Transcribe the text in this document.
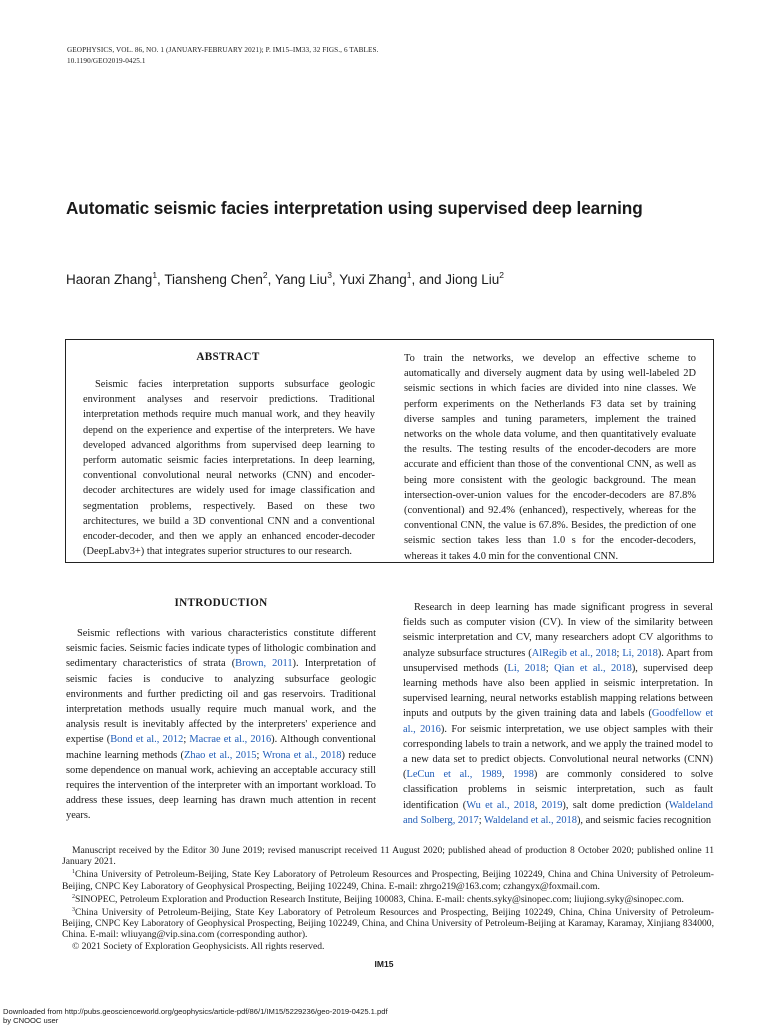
GEOPHYSICS, VOL. 86, NO. 1 (JANUARY-FEBRUARY 2021); P. IM15–IM33, 32 FIGS., 6 TABLES.
10.1190/GEO2019-0425.1
Automatic seismic facies interpretation using supervised deep learning
Haoran Zhang$^1$, Tiansheng Chen$^2$, Yang Liu$^3$, Yuxi Zhang$^1$, and Jiong Liu$^2$
ABSTRACT
Seismic facies interpretation supports subsurface geologic environment analyses and reservoir predictions. Traditional interpretation methods require much manual work, and they heavily depend on the experience and expertise of the interpreters. We have developed advanced algorithms from supervised deep learning to perform automatic seismic facies interpretations. In deep learning, conventional convolutional neural networks (CNN) and encoder-decoder architectures are widely used for image classification and segmentation problems, respectively. Based on these two architectures, we build a 3D conventional CNN and a conventional encoder-decoder, and then we apply an enhanced encoder-decoder (DeepLabv3+) that integrates superior structures to our research.
To train the networks, we develop an effective scheme to automatically and diversely augment data by using well-labeled 2D seismic sections in which facies are divided into nine classes. We perform experiments on the Netherlands F3 data set by training diverse samples and tuning parameters, implement the trained networks on the whole data volume, and then quantitatively evaluate the results. The testing results of the encoder-decoders are more accurate and efficient than those of the conventional CNN, as well as being more consistent with the geologic background. The mean intersection-over-union values for the encoder-decoders are 87.8% (conventional) and 92.4% (enhanced), respectively, whereas for the conventional CNN, the value is 67.8%. Besides, the prediction of one seismic section takes less than 1.0 s for the encoder-decoders, whereas it takes 4.0 min for the conventional CNN.
INTRODUCTION
Seismic reflections with various characteristics constitute different seismic facies. Seismic facies indicate types of lithologic combination and sedimentary characteristics of strata (Brown, 2011). Interpretation of seismic facies is conducive to analyzing subsurface geologic environments and further predicting oil and gas reservoirs. Traditional interpretation methods usually require much manual work, and the analysis result is inevitably affected by the interpreters' experience and expertise (Bond et al., 2012; Macrae et al., 2016). Although conventional machine learning methods (Zhao et al., 2015; Wrona et al., 2018) reduce some dependence on manual work, achieving an acceptable accuracy still requires the intervention of the interpreter with an important workload. To address these issues, deep learning has drawn much attention in recent years.
Research in deep learning has made significant progress in several fields such as computer vision (CV). In view of the similarity between seismic interpretation and CV, many researchers adopt CV algorithms to analyze subsurface structures (AlRegib et al., 2018; Li, 2018). Apart from unsupervised methods (Li, 2018; Qian et al., 2018), supervised deep learning methods have also been applied in seismic interpretation. In supervised learning, neural networks establish mapping relations between inputs and outputs by the given training data and labels (Goodfellow et al., 2016). For seismic interpretation, we use object samples with their corresponding labels to train a network, and we apply the trained model to a new data set to predict objects. Convolutional neural networks (CNN) (LeCun et al., 1989, 1998) are commonly considered to solve classification problems in seismic interpretation, such as fault identification (Wu et al., 2018, 2019), salt dome prediction (Waldeland and Solberg, 2017; Waldeland et al., 2018), and seismic facies recognition

Manuscript received by the Editor 30 June 2019; revised manuscript received 11 August 2020; published ahead of production 8 October 2020; published online 11 January 2021.

$^1$China University of Petroleum-Beijing, State Key Laboratory of Petroleum Resources and Prospecting, Beijing 102249, China and China University of Petroleum-Beijing, CNPC Key Laboratory of Geophysical Prospecting, Beijing 102249, China. E-mail: zhrgo219@163.com; czhangyx@foxmail.com.

$^2$SINOPEC, Petroleum Exploration and Production Research Institute, Beijing 100083, China. E-mail: chents.syky@sinopec.com; liujiong.syky@sinopec.com.

$^3$China University of Petroleum-Beijing, State Key Laboratory of Petroleum Resources and Prospecting, Beijing 102249, China, China University of Petroleum-Beijing, CNPC Key Laboratory of Geophysical Prospecting, Beijing 102249, China, and China University of Petroleum-Beijing at Karamay, Karamay, Xinjiang 834000, China. E-mail: wliuyang@vip.sina.com (corresponding author).

© 2021 Society of Exploration Geophysicists. All rights reserved.

IM15
Downloaded from http://pubs.geoscienceworld.org/geophysics/article-pdf/86/1/IM15/5229236/geo-2019-0425.1.pdf
by CNOOC user
